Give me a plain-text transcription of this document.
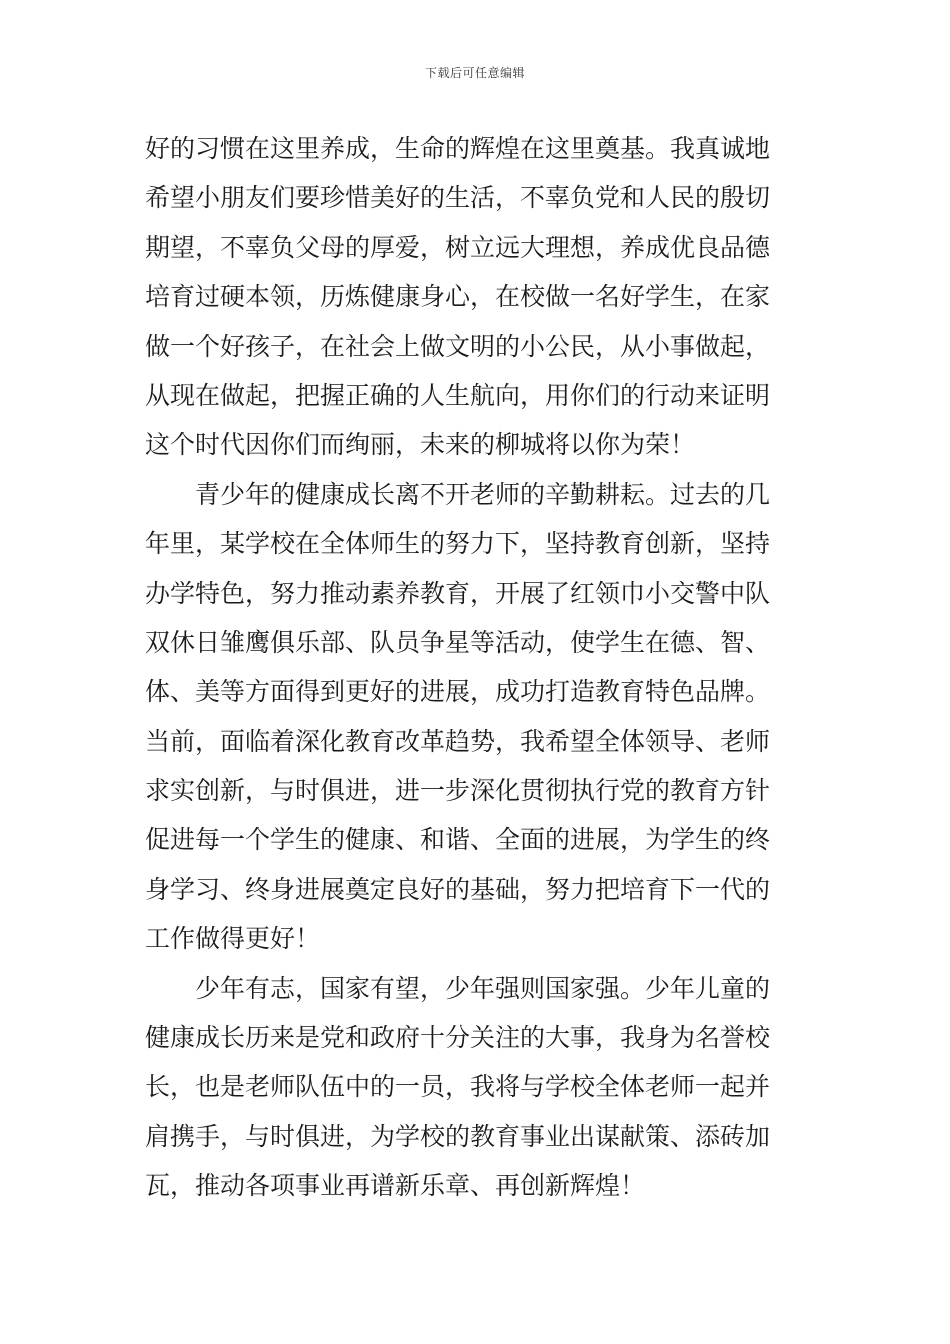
下载后可任意编辑
好的习惯在这里养成，生命的辉煌在这里奠基。我真诚地
希望小朋友们要珍惜美好的生活，不辜负党和人民的殷切
期望，不辜负父母的厚爱，树立远大理想，养成优良品德
培育过硬本领，历炼健康身心，在校做一名好学生，在家
做一个好孩子，在社会上做文明的小公民，从小事做起，
从现在做起，把握正确的人生航向，用你们的行动来证明
这个时代因你们而绚丽，未来的柳城将以你为荣！
青少年的健康成长离不开老师的辛勤耕耘。过去的几
年里，某学校在全体师生的努力下，坚持教育创新，坚持
办学特色，努力推动素养教育，开展了红领巾小交警中队
双休日雏鹰俱乐部、队员争星等活动，使学生在德、智、
体、美等方面得到更好的进展，成功打造教育特色品牌。
当前，面临着深化教育改革趋势，我希望全体领导、老师
求实创新，与时俱进，进一步深化贯彻执行党的教育方针
促进每一个学生的健康、和谐、全面的进展，为学生的终
身学习、终身进展奠定良好的基础，努力把培育下一代的
工作做得更好！
少年有志，国家有望，少年强则国家强。少年儿童的
健康成长历来是党和政府十分关注的大事，我身为名誉校
长，也是老师队伍中的一员，我将与学校全体老师一起并
肩携手，与时俱进，为学校的教育事业出谋献策、添砖加
瓦，推动各项事业再谱新乐章、再创新辉煌！
